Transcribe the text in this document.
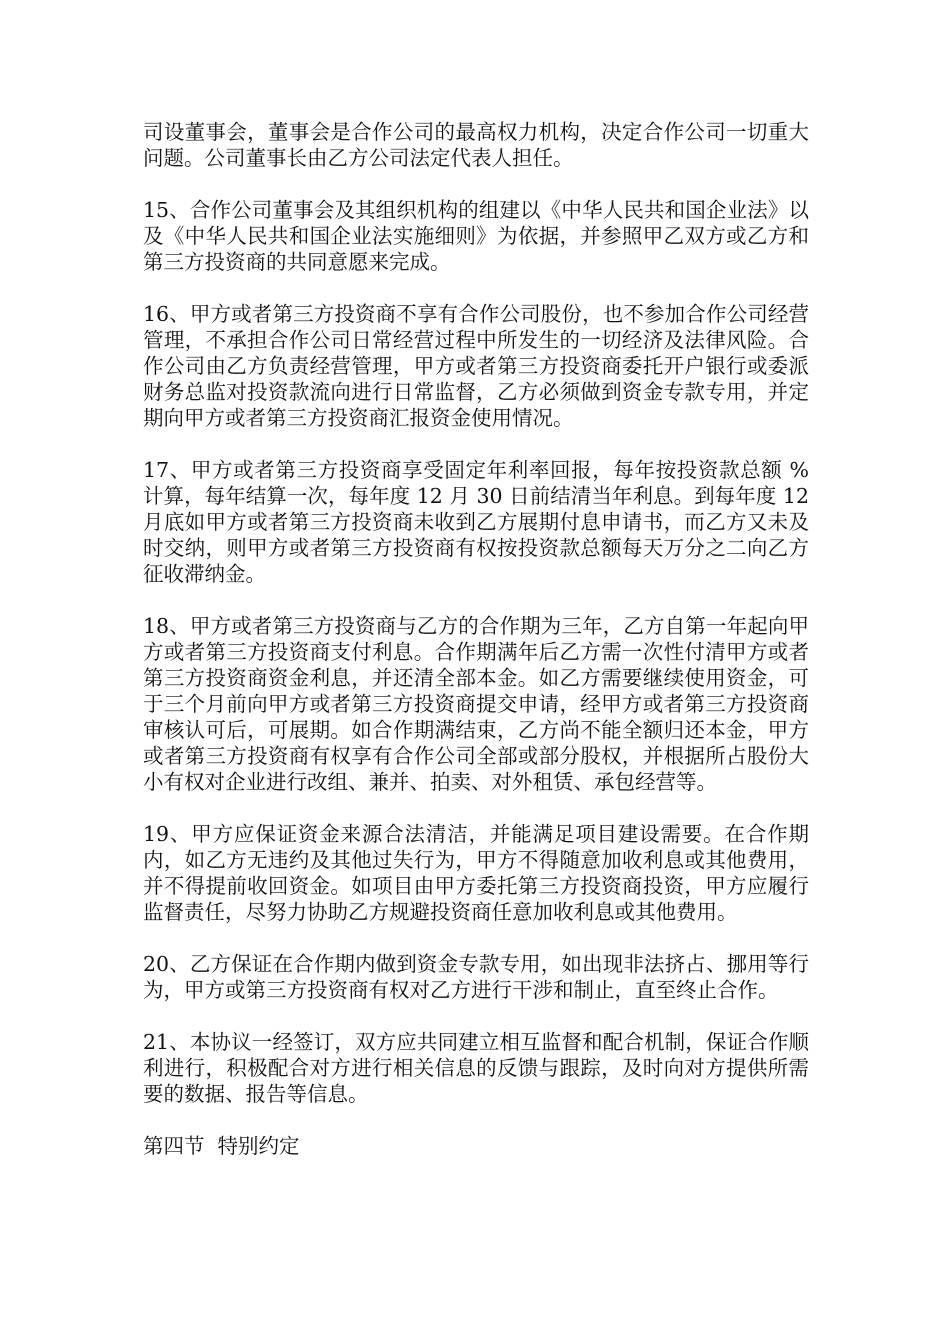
司设董事会，董事会是合作公司的最高权力机构，决定合作公司一切重大问题。公司董事长由乙方公司法定代表人担任。

15、合作公司董事会及其组织机构的组建以《中华人民共和国企业法》以及《中华人民共和国企业法实施细则》为依据，并参照甲乙双方或乙方和第三方投资商的共同意愿来完成。

16、甲方或者第三方投资商不享有合作公司股份，也不参加合作公司经营管理，不承担合作公司日常经营过程中所发生的一切经济及法律风险。合作公司由乙方负责经营管理，甲方或者第三方投资商委托开户银行或委派财务总监对投资款流向进行日常监督，乙方必须做到资金专款专用，并定期向甲方或者第三方投资商汇报资金使用情况。

17、甲方或者第三方投资商享受固定年利率回报，每年按投资款总额 %计算，每年结算一次，每年度 12 月 30 日前结清当年利息。到每年度 12 月底如甲方或者第三方投资商未收到乙方展期付息申请书，而乙方又未及时交纳，则甲方或者第三方投资商有权按投资款总额每天万分之二向乙方征收滞纳金。

18、甲方或者第三方投资商与乙方的合作期为三年，乙方自第一年起向甲方或者第三方投资商支付利息。合作期满年后乙方需一次性付清甲方或者第三方投资商资金利息，并还清全部本金。如乙方需要继续使用资金，可于三个月前向甲方或者第三方投资商提交申请，经甲方或者第三方投资商审核认可后，可展期。如合作期满结束，乙方尚不能全额归还本金，甲方或者第三方投资商有权享有合作公司全部或部分股权，并根据所占股份大小有权对企业进行改组、兼并、拍卖、对外租赁、承包经营等。

19、甲方应保证资金来源合法清洁，并能满足项目建设需要。在合作期内，如乙方无违约及其他过失行为，甲方不得随意加收利息或其他费用，并不得提前收回资金。如项目由甲方委托第三方投资商投资，甲方应履行监督责任，尽努力协助乙方规避投资商任意加收利息或其他费用。

20、乙方保证在合作期内做到资金专款专用，如出现非法挤占、挪用等行为，甲方或第三方投资商有权对乙方进行干涉和制止，直至终止合作。

21、本协议一经签订，双方应共同建立相互监督和配合机制，保证合作顺利进行，积极配合对方进行相关信息的反馈与跟踪，及时向对方提供所需要的数据、报告等信息。

第四节  特别约定
